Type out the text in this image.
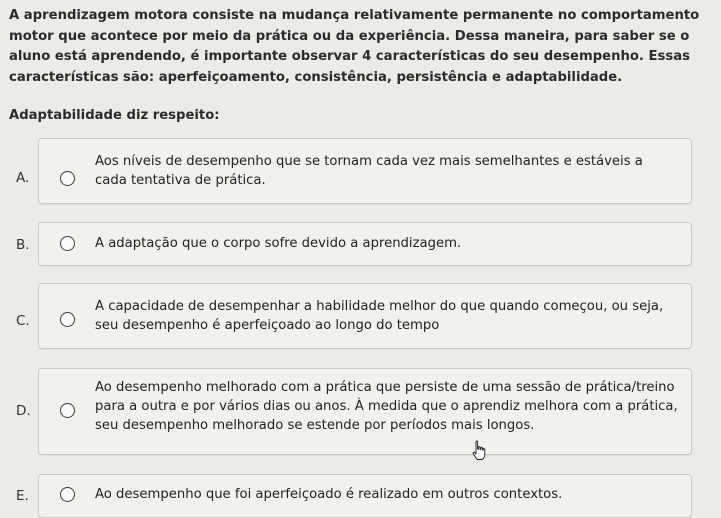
A aprendizagem motora consiste na mudança relativamente permanente no comportamento motor que acontece por meio da prática ou da experiência. Dessa maneira, para saber se o aluno está aprendendo, é importante observar 4 características do seu desempenho. Essas características são: aperfeiçoamento, consistência, persistência e adaptabilidade.
Adaptabilidade diz respeito:
A.
Aos níveis de desempenho que se tornam cada vez mais semelhantes e estáveis a
cada tentativa de prática.
B.	A adaptação que o corpo sofre devido a aprendizagem.
C.
A capacidade de desempenhar a habilidade melhor do que quando começou, ou seja,
seu desempenho é aperfeiçoado ao longo do tempo
D.
Ao desempenho melhorado com a prática que persiste de uma sessão de prática/treino
para a outra e por vários dias ou anos. À medida que o aprendiz melhora com a prática,
seu desempenho melhorado se estende por períodos mais longos.
E.	Ao desempenho que foi aperfeiçoado é realizado em outros contextos.
